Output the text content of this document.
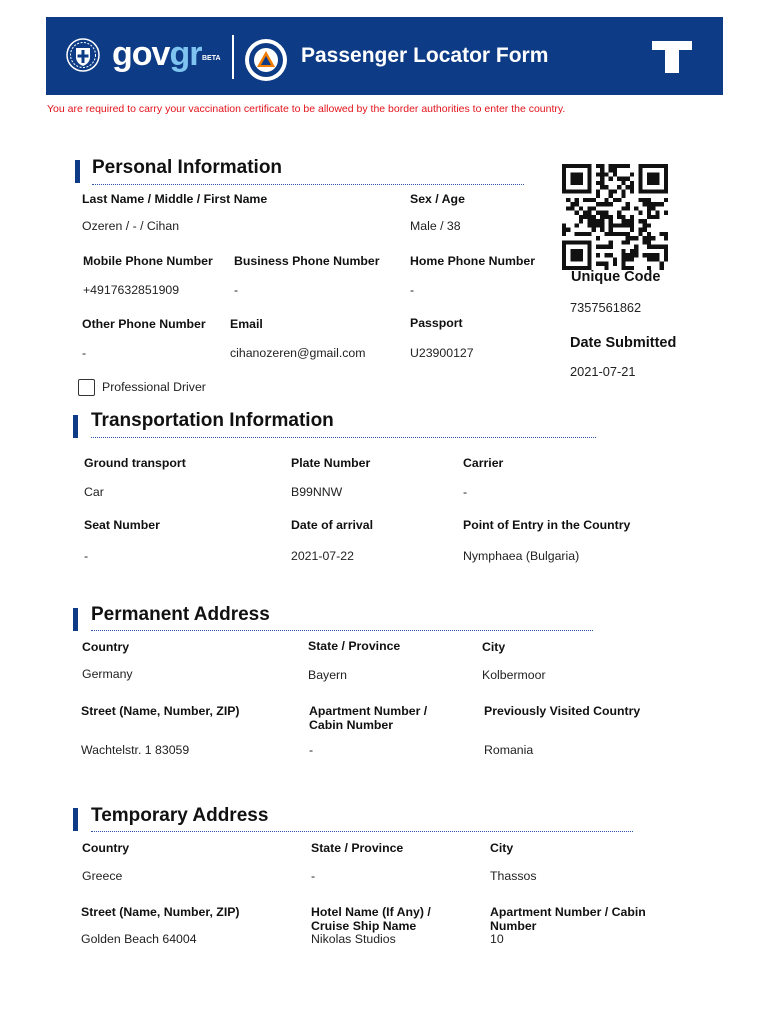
govgr BETA	Passenger Locator Form
You are required to carry your vaccination certificate to be allowed by the border authorities to enter the country.
Personal Information
Last Name / Middle / First Name
Ozeren / - / Cihan
Sex / Age
Male / 38
Mobile Phone Number
+4917632851909
Business Phone Number
-
Home Phone Number
-
Other Phone Number
-
Email
cihanozeren@gmail.com
Passport
U23900127
Professional Driver
Unique Code
7357561862
Date Submitted
2021-07-21
Transportation Information
Ground transport
Car
Plate Number
B99NNW
Carrier
-
Seat Number
-
Date of arrival
2021-07-22
Point of Entry in the Country
Nymphaea (Bulgaria)
Permanent Address
Country
Germany
State / Province
Bayern
City
Kolbermoor
Street (Name, Number, ZIP)
Wachtelstr. 1 83059
Apartment Number /
Cabin Number
-
Previously Visited Country
Romania
Temporary Address
Country
Greece
State / Province
-
City
Thassos
Street (Name, Number, ZIP)
Golden Beach 64004
Hotel Name (If Any) /
Cruise Ship Name
Nikolas Studios
Apartment Number / Cabin
Number
10
